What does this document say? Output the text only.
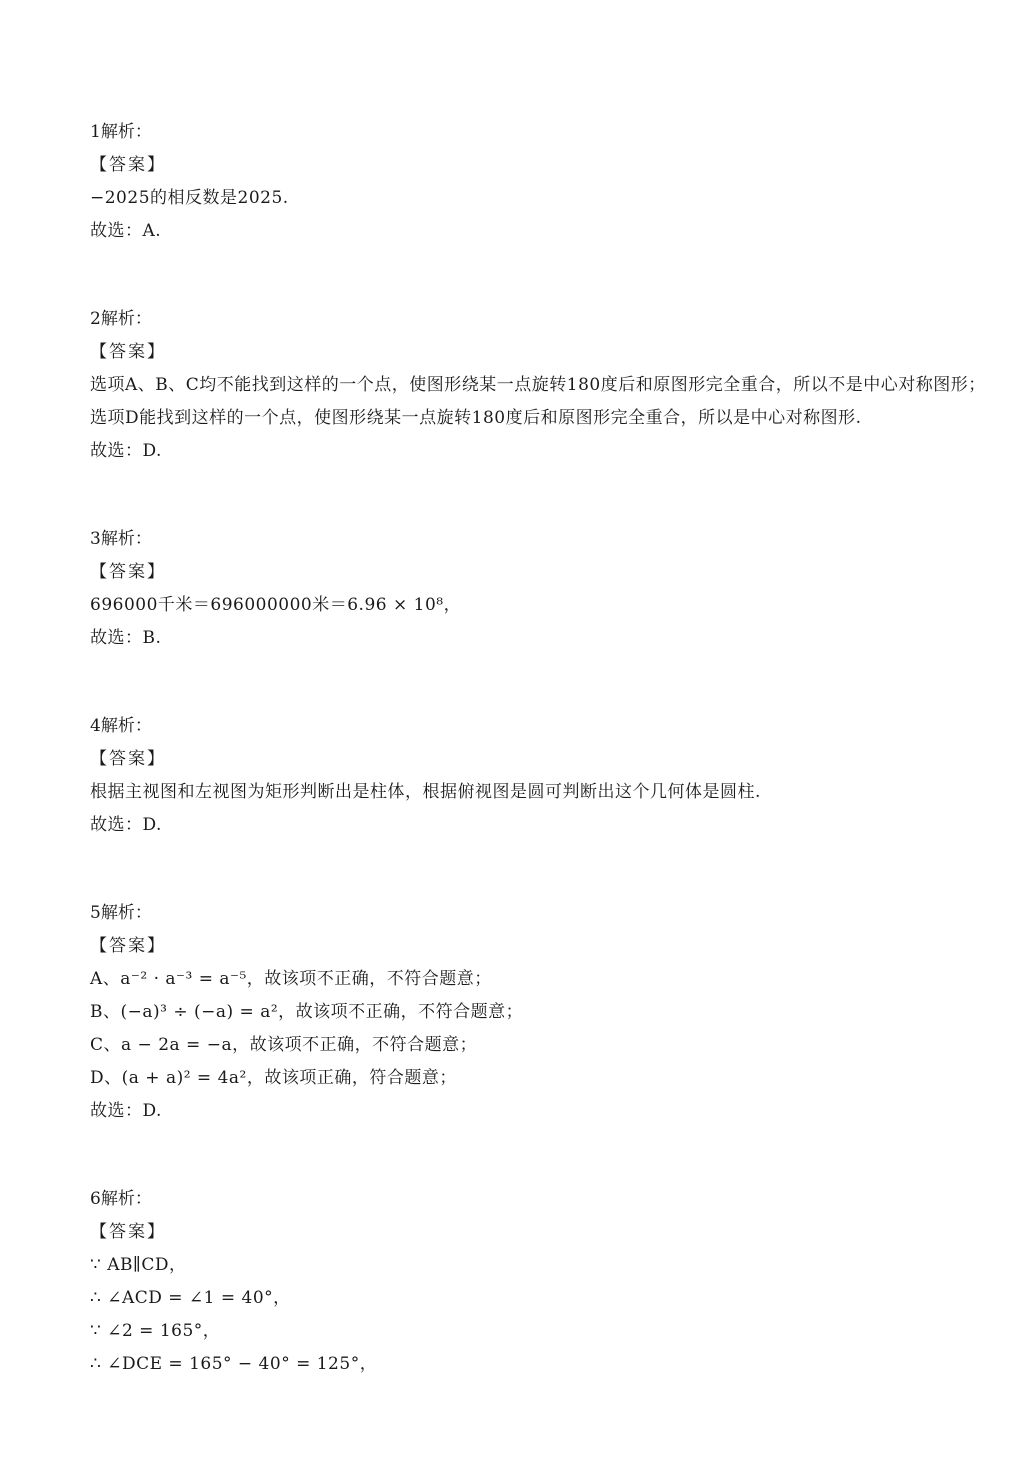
1解析：
【答案】
−2025的相反数是2025.
故选：A.
2解析：
【答案】
选项A、B、C均不能找到这样的一个点，使图形绕某一点旋转180度后和原图形完全重合，所以不是中心对称图形；
选项D能找到这样的一个点，使图形绕某一点旋转180度后和原图形完全重合，所以是中心对称图形.
故选：D.
3解析：
【答案】
696000千米＝696000000米＝6.96 × 10⁸，
故选：B.
4解析：
【答案】
根据主视图和左视图为矩形判断出是柱体，根据俯视图是圆可判断出这个几何体是圆柱.
故选：D.
5解析：
【答案】
A、a⁻² · a⁻³ = a⁻⁵，故该项不正确，不符合题意；
B、(−a)³ ÷ (−a) = a²，故该项不正确，不符合题意；
C、a − 2a = −a，故该项不正确，不符合题意；
D、(a + a)² = 4a²，故该项正确，符合题意；
故选：D.
6解析：
【答案】
∵ AB∥CD，
∴ ∠ACD = ∠1 = 40°，
∵ ∠2 = 165°，
∴ ∠DCE = 165° − 40° = 125°，
